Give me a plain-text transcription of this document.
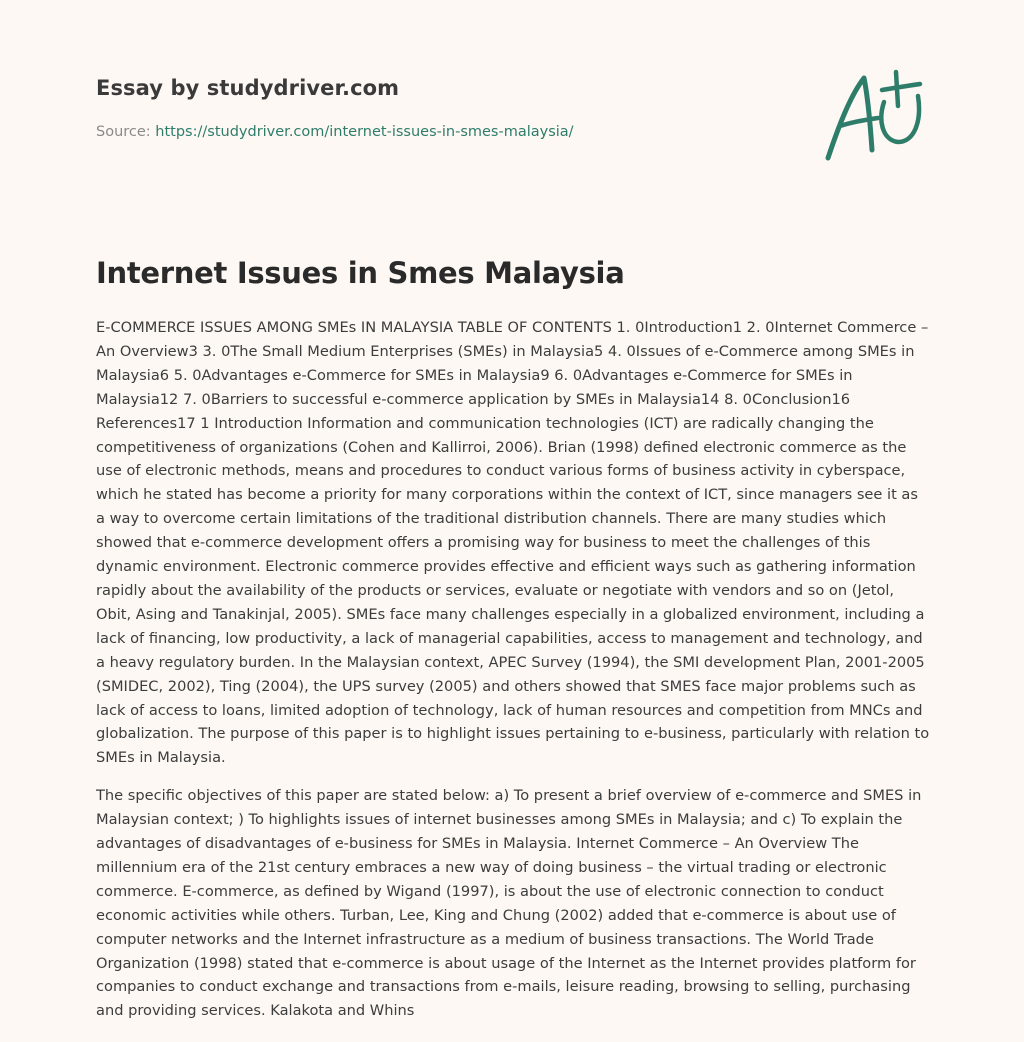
Essay by studydriver.com

Source: https://studydriver.com/internet-issues-in-smes-malaysia/

Internet Issues in Smes Malaysia

E-COMMERCE ISSUES AMONG SMEs IN MALAYSIA TABLE OF CONTENTS 1. 0Introduction1 2. 0Internet Commerce – An Overview3 3. 0The Small Medium Enterprises (SMEs) in Malaysia5 4. 0Issues of e-Commerce among SMEs in Malaysia6 5. 0Advantages e-Commerce for SMEs in Malaysia9 6. 0Advantages e-Commerce for SMEs in Malaysia12 7. 0Barriers to successful e-commerce application by SMEs in Malaysia14 8. 0Conclusion16 References17 1 Introduction Information and communication technologies (ICT) are radically changing the competitiveness of organizations (Cohen and Kallirroi, 2006). Brian (1998) defined electronic commerce as the use of electronic methods, means and procedures to conduct various forms of business activity in cyberspace, which he stated has become a priority for many corporations within the context of ICT, since managers see it as a way to overcome certain limitations of the traditional distribution channels. There are many studies which showed that e-commerce development offers a promising way for business to meet the challenges of this dynamic environment. Electronic commerce provides effective and efficient ways such as gathering information rapidly about the availability of the products or services, evaluate or negotiate with vendors and so on (Jetol, Obit, Asing and Tanakinjal, 2005). SMEs face many challenges especially in a globalized environment, including a lack of financing, low productivity, a lack of managerial capabilities, access to management and technology, and a heavy regulatory burden. In the Malaysian context, APEC Survey (1994), the SMI development Plan, 2001-2005 (SMIDEC, 2002), Ting (2004), the UPS survey (2005) and others showed that SMES face major problems such as lack of access to loans, limited adoption of technology, lack of human resources and competition from MNCs and globalization. The purpose of this paper is to highlight issues pertaining to e-business, particularly with relation to SMEs in Malaysia.

The specific objectives of this paper are stated below: a) To present a brief overview of e-commerce and SMES in Malaysian context; ) To highlights issues of internet businesses among SMEs in Malaysia; and c) To explain the advantages of disadvantages of e-business for SMEs in Malaysia. Internet Commerce – An Overview The millennium era of the 21st century embraces a new way of doing business – the virtual trading or electronic commerce. E-commerce, as defined by Wigand (1997), is about the use of electronic connection to conduct economic activities while others. Turban, Lee, King and Chung (2002) added that e-commerce is about use of computer networks and the Internet infrastructure as a medium of business transactions. The World Trade Organization (1998) stated that e-commerce is about usage of the Internet as the Internet provides platform for companies to conduct exchange and transactions from e-mails, leisure reading, browsing to selling, purchasing and providing services. Kalakota and Whins
